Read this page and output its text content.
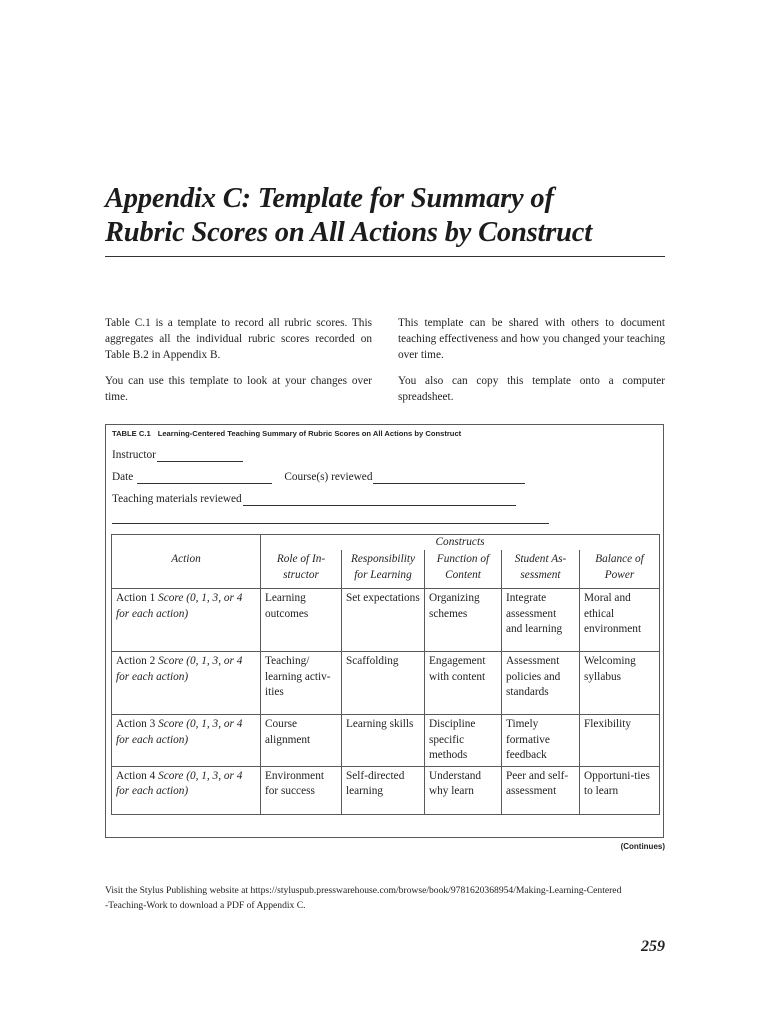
Appendix C: Template for Summary of
Rubric Scores on All Actions by Construct

Table C.1 is a template to record all rubric scores. This aggregates all the individual rubric scores recorded on Table B.2 in Appendix B.

You can use this template to look at your changes over time.

This template can be shared with others to document teaching effectiveness and how you changed your teaching over time.

You also can copy this template onto a computer spreadsheet.

TABLE C.1 Learning-Centered Teaching Summary of Rubric Scores on All Actions by Construct
Instructor
Date	Course(s) reviewed
Teaching materials reviewed
	Constructs				
Action	Role of In-structor	Responsibility for Learning	Function of Content	Student As-sessment	Balance of Power
Action 1 Score (0, 1, 3, or 4 for each action)	Learning outcomes	Set expectations	Organizing schemes	Integrate assessment and learning	Moral and ethical environment
Action 2 Score (0, 1, 3, or 4 for each action)	Teaching/ learning activ-ities	Scaffolding	Engagement with content	Assessment policies and standards	Welcoming syllabus
Action 3 Score (0, 1, 3, or 4 for each action)	Course alignment	Learning skills	Discipline specific methods	Timely formative feedback	Flexibility
Action 4 Score (0, 1, 3, or 4 for each action)	Environment for success	Self-directed learning	Understand why learn	Peer and self-assessment	Opportuni-ties to learn
(Continues)
Visit the Stylus Publishing website at https://styluspub.presswarehouse.com/browse/book/9781620368954/Making-Learning-Centered
-Teaching-Work to download a PDF of Appendix C.
259
